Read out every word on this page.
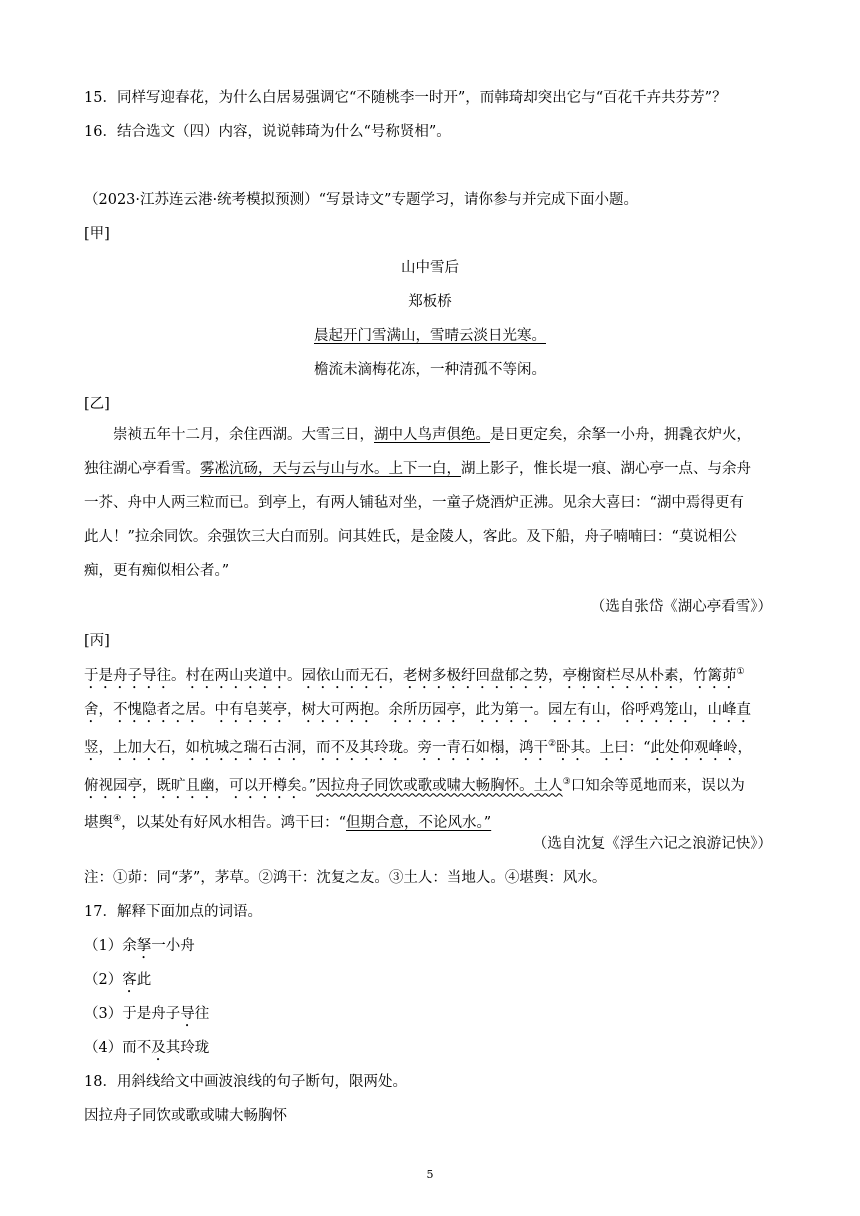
15．同样写迎春花，为什么白居易强调它“不随桃李一时开”，而韩琦却突出它与“百花千卉共芬芳”？
16．结合选文（四）内容，说说韩琦为什么“号称贤相”。
（2023·江苏连云港·统考模拟预测）“写景诗文”专题学习，请你参与并完成下面小题。
[甲]
山中雪后
郑板桥
晨起开门雪满山，雪晴云淡日光寒。
檐流未滴梅花冻，一种清孤不等闲。
[乙]
崇祯五年十二月，余住西湖。大雪三日，湖中人鸟声俱绝。是日更定矣，余拏一小舟，拥毳衣炉火，
独往湖心亭看雪。雾凇沆砀，天与云与山与水。上下一白，湖上影子，惟长堤一痕、湖心亭一点、与余舟
一芥、舟中人两三粒而已。到亭上，有两人铺毡对坐，一童子烧酒炉正沸。见余大喜曰：“湖中焉得更有
此人！”拉余同饮。余强饮三大白而别。问其姓氏，是金陵人，客此。及下船，舟子喃喃曰：“莫说相公
痴，更有痴似相公者。”
（选自张岱《湖心亭看雪》）
[丙]
于是舟子导往。村在两山夹道中。园依山而无石，老树多极纡回盘郁之势，亭榭窗栏尽从朴素，竹篱茆①
舍，不愧隐者之居。中有皂荚亭，树大可两抱。余所历园亭，此为第一。园左有山，俗呼鸡笼山，山峰直
竖，上加大石，如杭城之瑞石古洞，而不及其玲珑。旁一青石如榻，鸿干②卧其。上曰：“此处仰观峰岭，
俯视园亭，既旷且幽，可以开樽矣。”因拉舟子同饮或歌或啸大畅胸怀。土人③口知余等觅地而来，误以为
堪舆④，以某处有好风水相告。鸿干曰：“但期合意，不论风水。”
（选自沈复《浮生六记之浪游记快》）
注：①茆：同“茅”，茅草。②鸿干：沈复之友。③土人：当地人。④堪舆：风水。
17．解释下面加点的词语。
（1）余拏一小舟
（2）客此
（3）于是舟子导往
（4）而不及其玲珑
18．用斜线给文中画波浪线的句子断句，限两处。
因拉舟子同饮或歌或啸大畅胸怀
5
